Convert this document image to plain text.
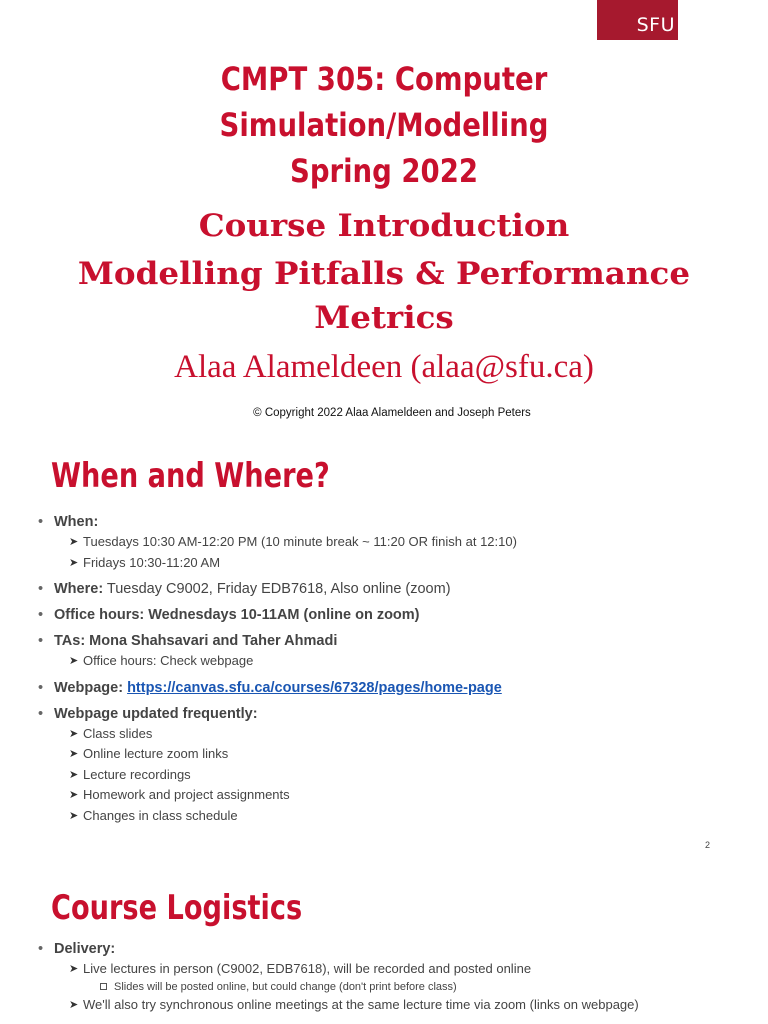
SFU
CMPT 305: Computer Simulation/Modelling
Spring 2022
Course Introduction
Modelling Pitfalls & Performance
Metrics
Alaa Alameldeen (alaa@sfu.ca)
© Copyright 2022 Alaa Alameldeen and Joseph Peters
When and Where?
• When:
➤ Tuesdays 10:30 AM-12:20 PM (10 minute break ~ 11:20 OR finish at 12:10)
➤ Fridays 10:30-11:20 AM
• Where: Tuesday C9002, Friday EDB7618, Also online (zoom)
• Office hours: Wednesdays 10-11AM (online on zoom)
• TAs: Mona Shahsavari and Taher Ahmadi
➤ Office hours: Check webpage
• Webpage: https://canvas.sfu.ca/courses/67328/pages/home-page
• Webpage updated frequently:
➤ Class slides
➤ Online lecture zoom links
➤ Lecture recordings
➤ Homework and project assignments
➤ Changes in class schedule
2
Course Logistics
• Delivery:
➤ Live lectures in person (C9002, EDB7618), will be recorded and posted online
Slides will be posted online, but could change (don't print before class)
➤ We'll also try synchronous online meetings at the same lecture time via zoom (links on webpage)
